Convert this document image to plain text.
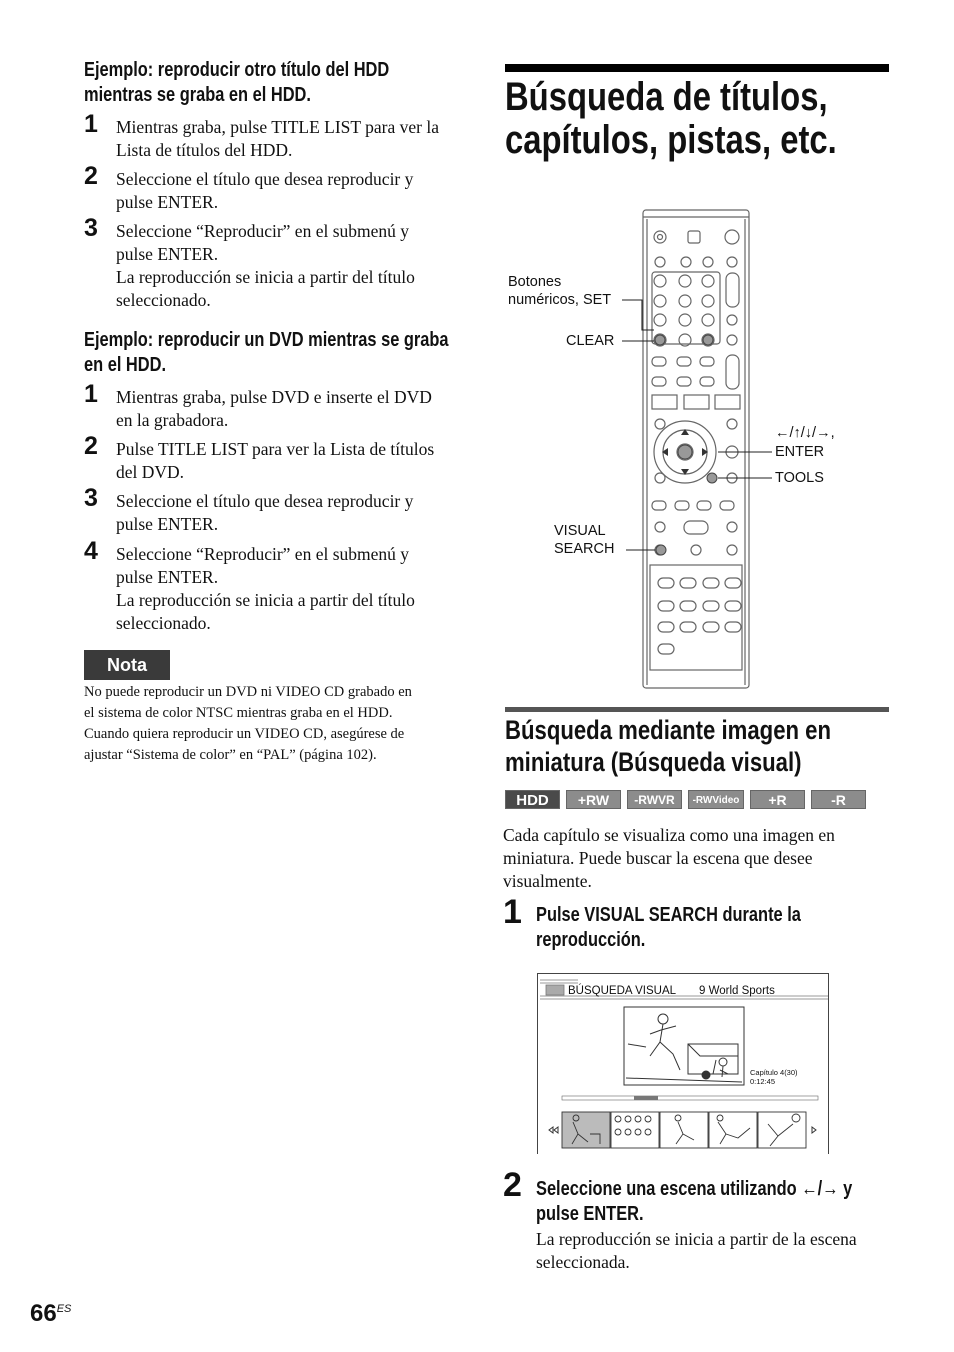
Ejemplo: reproducir otro título del HDD
mientras se graba en el HDD.
1 Mientras graba, pulse TITLE LIST para ver la
Lista de títulos del HDD.
2 Seleccione el título que desea reproducir y
pulse ENTER.
3 Seleccione “Reproducir” en el submenú y
pulse ENTER.
La reproducción se inicia a partir del título
seleccionado.
Ejemplo: reproducir un DVD mientras se graba
en el HDD.
1 Mientras graba, pulse DVD e inserte el DVD
en la grabadora.
2 Pulse TITLE LIST para ver la Lista de títulos
del DVD.
3 Seleccione el título que desea reproducir y
pulse ENTER.
4 Seleccione “Reproducir” en el submenú y
pulse ENTER.
La reproducción se inicia a partir del título
seleccionado.
Nota
No puede reproducir un DVD ni VIDEO CD grabado en
el sistema de color NTSC mientras graba en el HDD.
Cuando quiera reproducir un VIDEO CD, asegúrese de
ajustar “Sistema de color” en “PAL” (página 102).
Búsqueda de títulos,
capítulos, pistas, etc.
Botones
numéricos, SET
CLEAR
←/↑/↓/→,
ENTER
TOOLS
VISUAL
SEARCH
Búsqueda mediante imagen en
miniatura (Búsqueda visual)
HDD	+RW	-RWVR	-RWVideo	+R	-R
Cada capítulo se visualiza como una imagen en
miniatura. Puede buscar la escena que desee
visualmente.
1 Pulse VISUAL SEARCH durante la
reproducción.
BÚSQUEDA VISUAL 9 World Sports
Capítulo 4(30)
0:12:45
2 Seleccione una escena utilizando ←/→ y
pulse ENTER.
La reproducción se inicia a partir de la escena
seleccionada.
$66^{ES}$
